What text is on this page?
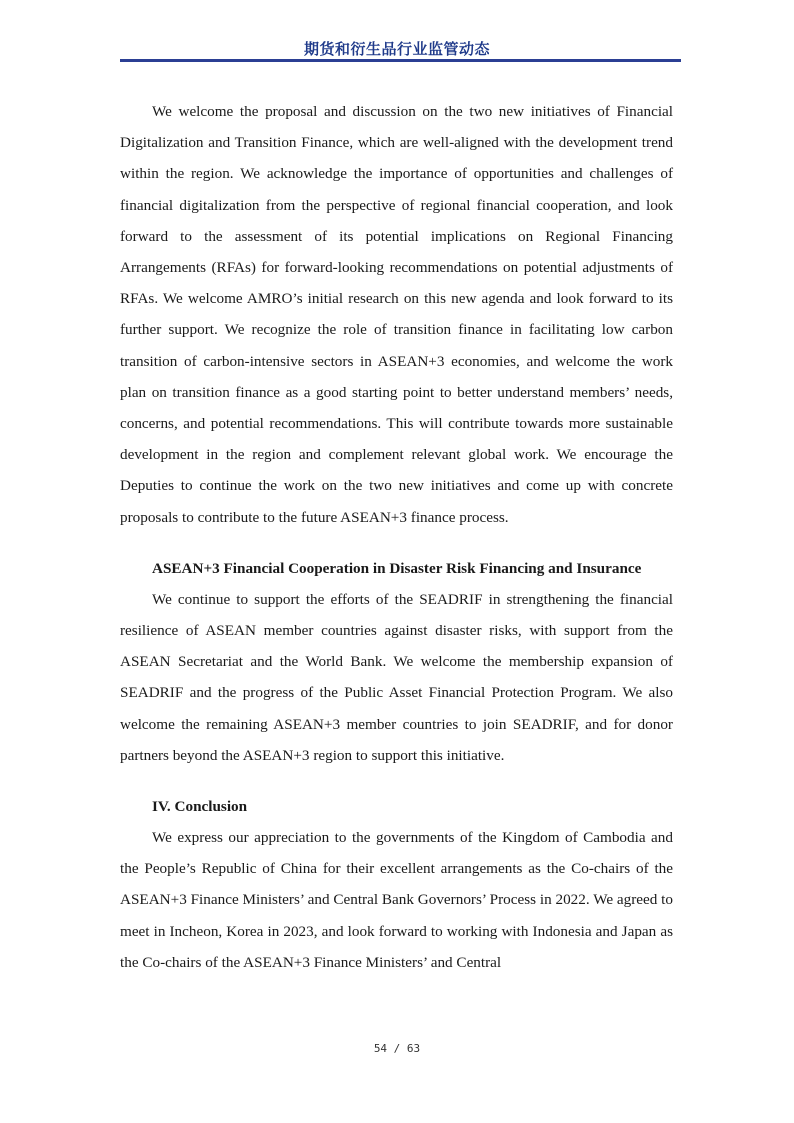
期货和衍生品行业监管动态

We welcome the proposal and discussion on the two new initiatives of Financial Digitalization and Transition Finance, which are well-aligned with the development trend within the region. We acknowledge the importance of opportunities and challenges of financial digitalization from the perspective of regional financial cooperation, and look forward to the assessment of its potential implications on Regional Financing Arrangements (RFAs) for forward-looking recommendations on potential adjustments of RFAs. We welcome AMRO’s initial research on this new agenda and look forward to its further support. We recognize the role of transition finance in facilitating low carbon transition of carbon-intensive sectors in ASEAN+3 economies, and welcome the work plan on transition finance as a good starting point to better understand members’ needs, concerns, and potential recommendations. This will contribute towards more sustainable development in the region and complement relevant global work. We encourage the Deputies to continue the work on the two new initiatives and come up with concrete proposals to contribute to the future ASEAN+3 finance process.

ASEAN+3 Financial Cooperation in Disaster Risk Financing and Insurance

We continue to support the efforts of the SEADRIF in strengthening the financial resilience of ASEAN member countries against disaster risks, with support from the ASEAN Secretariat and the World Bank. We welcome the membership expansion of SEADRIF and the progress of the Public Asset Financial Protection Program. We also welcome the remaining ASEAN+3 member countries to join SEADRIF, and for donor partners beyond the ASEAN+3 region to support this initiative.

IV. Conclusion

We express our appreciation to the governments of the Kingdom of Cambodia and the People’s Republic of China for their excellent arrangements as the Co-chairs of the ASEAN+3 Finance Ministers’ and Central Bank Governors’ Process in 2022. We agreed to meet in Incheon, Korea in 2023, and look forward to working with Indonesia and Japan as the Co-chairs of the ASEAN+3 Finance Ministers’ and Central

54 / 63
